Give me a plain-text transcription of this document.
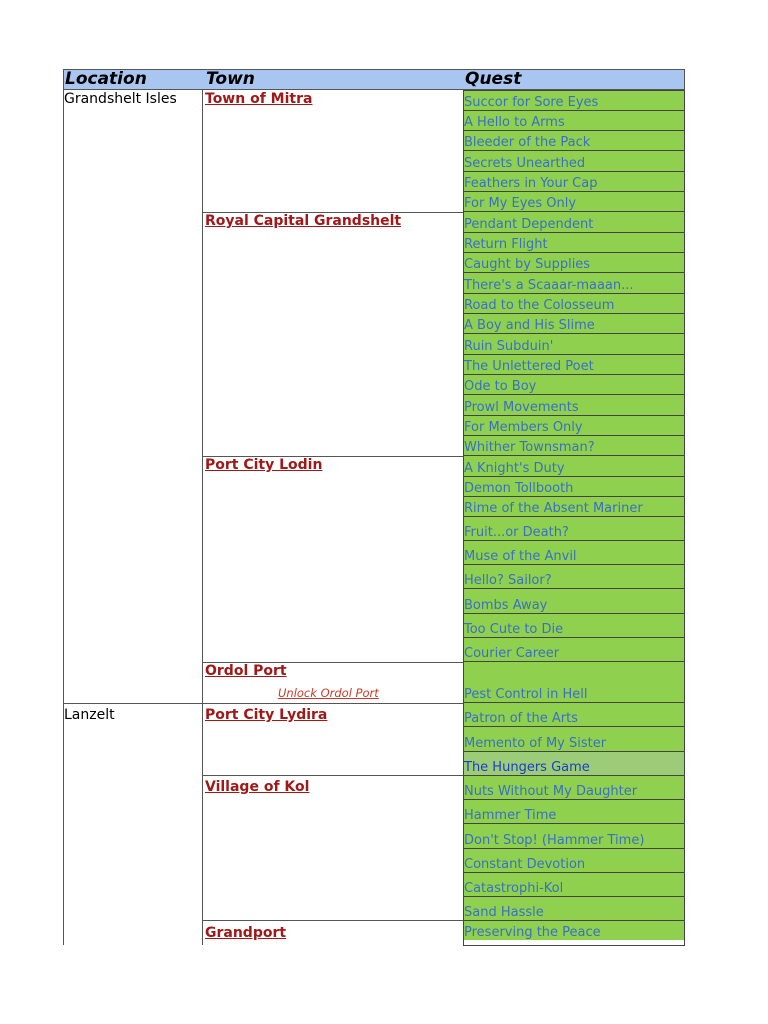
Location	Town	Quest
Grandshelt Isles
Lanzelt
Town of Mitra
Royal Capital Grandshelt
Port City Lodin
Ordol Port
Unlock Ordol Port
Port City Lydira
Village of Kol
Grandport
Succor for Sore Eyes
A Hello to Arms
Bleeder of the Pack
Secrets Unearthed
Feathers in Your Cap
For My Eyes Only
Pendant Dependent
Return Flight
Caught by Supplies
There's a Scaaar-maaan...
Road to the Colosseum
A Boy and His Slime
Ruin Subduin'
The Unlettered Poet
Ode to Boy
Prowl Movements
For Members Only
Whither Townsman?
A Knight's Duty
Demon Tollbooth
Rime of the Absent Mariner
Fruit...or Death?
Muse of the Anvil
Hello? Sailor?
Bombs Away
Too Cute to Die
Courier Career
Pest Control in Hell
Patron of the Arts
Memento of My Sister
The Hungers Game
Nuts Without My Daughter
Hammer Time
Don't Stop! (Hammer Time)
Constant Devotion
Catastrophi-Kol
Sand Hassle
Preserving the Peace
